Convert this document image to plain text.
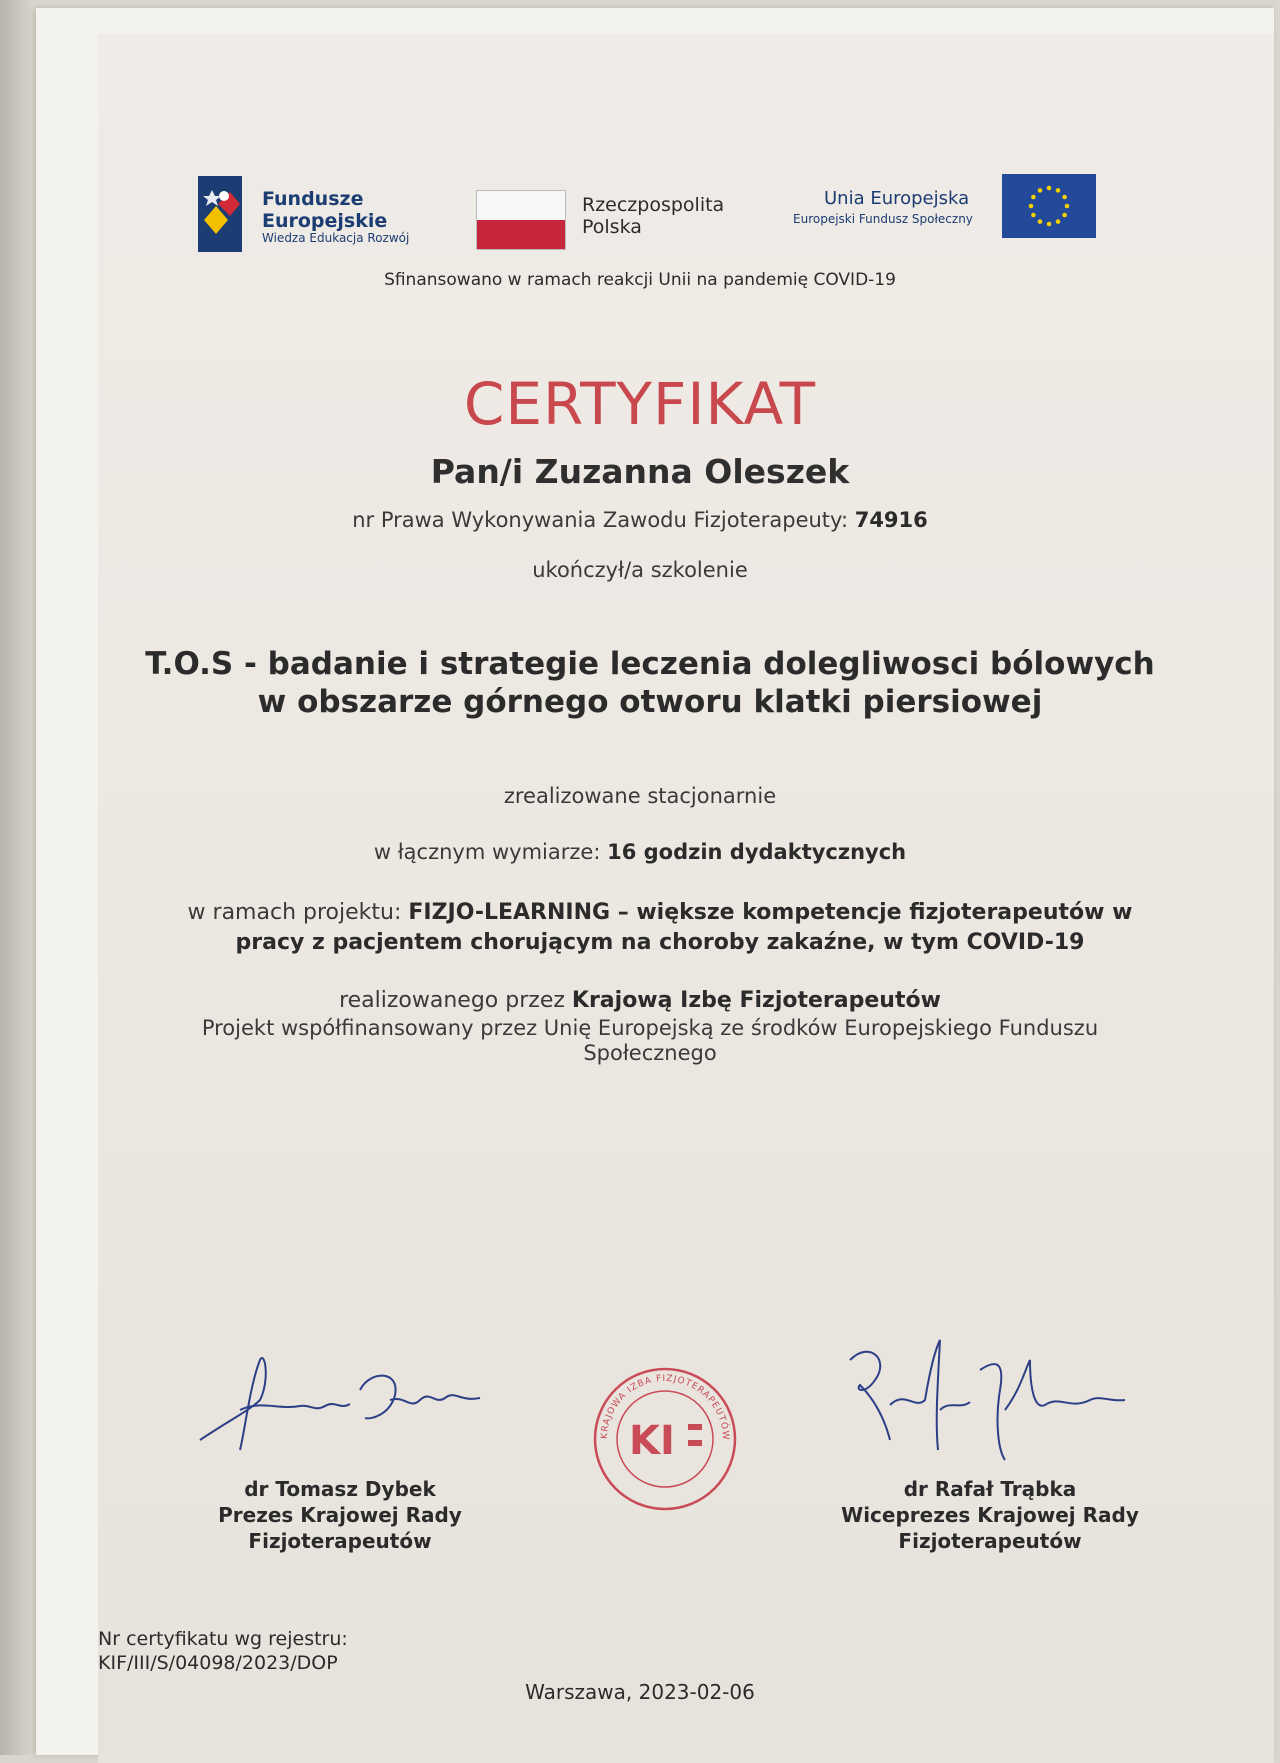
Fundusze
Europejskie
Wiedza Edukacja Rozwój
Rzeczpospolita
Polska
Unia Europejska
Europejski Fundusz Społeczny
Sfinansowano w ramach reakcji Unii na pandemię COVID-19
CERTYFIKAT
Pan/i Zuzanna Oleszek
nr Prawa Wykonywania Zawodu Fizjoterapeuty: 74916
ukończył/a szkolenie
T.O.S - badanie i strategie leczenia dolegliwosci bólowych
w obszarze górnego otworu klatki piersiowej
zrealizowane stacjonarnie
w łącznym wymiarze: 16 godzin dydaktycznych
w ramach projektu: FIZJO-LEARNING – większe kompetencje fizjoterapeutów w
pracy z pacjentem chorującym na choroby zakaźne, w tym COVID-19
realizowanego przez Krajową Izbę Fizjoterapeutów
Projekt współfinansowany przez Unię Europejską ze środków Europejskiego Funduszu
Społecznego
KRAJOWA IZBA FIZJOTERAPEUTÓW
KI
dr Tomasz Dybek
Prezes Krajowej Rady
Fizjoterapeutów
dr Rafał Trąbka
Wiceprezes Krajowej Rady
Fizjoterapeutów
Nr certyfikatu wg rejestru:
KIF/III/S/04098/2023/DOP
Warszawa, 2023-02-06
